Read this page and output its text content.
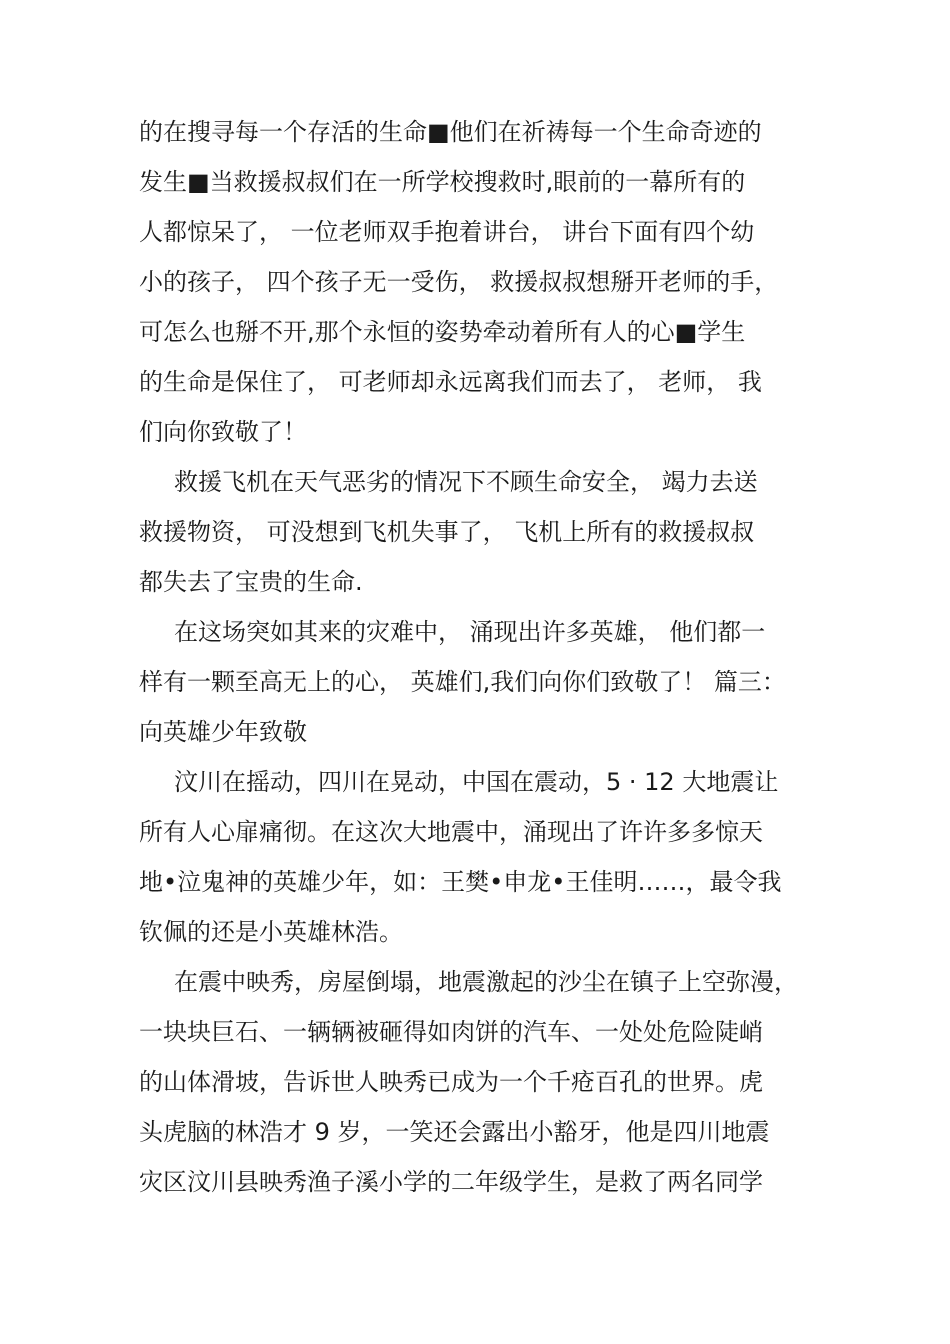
的在搜寻每一个存活的生命■他们在祈祷每一个生命奇迹的
发生■当救援叔叔们在一所学校搜救时,眼前的一幕所有的
人都惊呆了， 一位老师双手抱着讲台， 讲台下面有四个幼
小的孩子， 四个孩子无一受伤， 救援叔叔想掰开老师的手，
可怎么也掰不开,那个永恒的姿势牵动着所有人的心■学生
的生命是保住了， 可老师却永远离我们而去了， 老师， 我
们向你致敬了！
救援飞机在天气恶劣的情况下不顾生命安全， 竭力去送
救援物资， 可没想到飞机失事了， 飞机上所有的救援叔叔
都失去了宝贵的生命.
在这场突如其来的灾难中， 涌现出许多英雄， 他们都一
样有一颗至高无上的心， 英雄们,我们向你们致敬了！ 篇三：
向英雄少年致敬
汶川在摇动，四川在晃动，中国在震动，5 · 12 大地震让
所有人心扉痛彻。在这次大地震中，涌现出了许许多多惊天
地•泣鬼神的英雄少年，如：王樊•申龙•王佳明……，最令我
钦佩的还是小英雄林浩。
在震中映秀，房屋倒塌，地震激起的沙尘在镇子上空弥漫，
一块块巨石、一辆辆被砸得如肉饼的汽车、一处处危险陡峭
的山体滑坡，告诉世人映秀已成为一个千疮百孔的世界。虎
头虎脑的林浩才 9 岁，一笑还会露出小豁牙，他是四川地震
灾区汶川县映秀渔子溪小学的二年级学生，是救了两名同学
